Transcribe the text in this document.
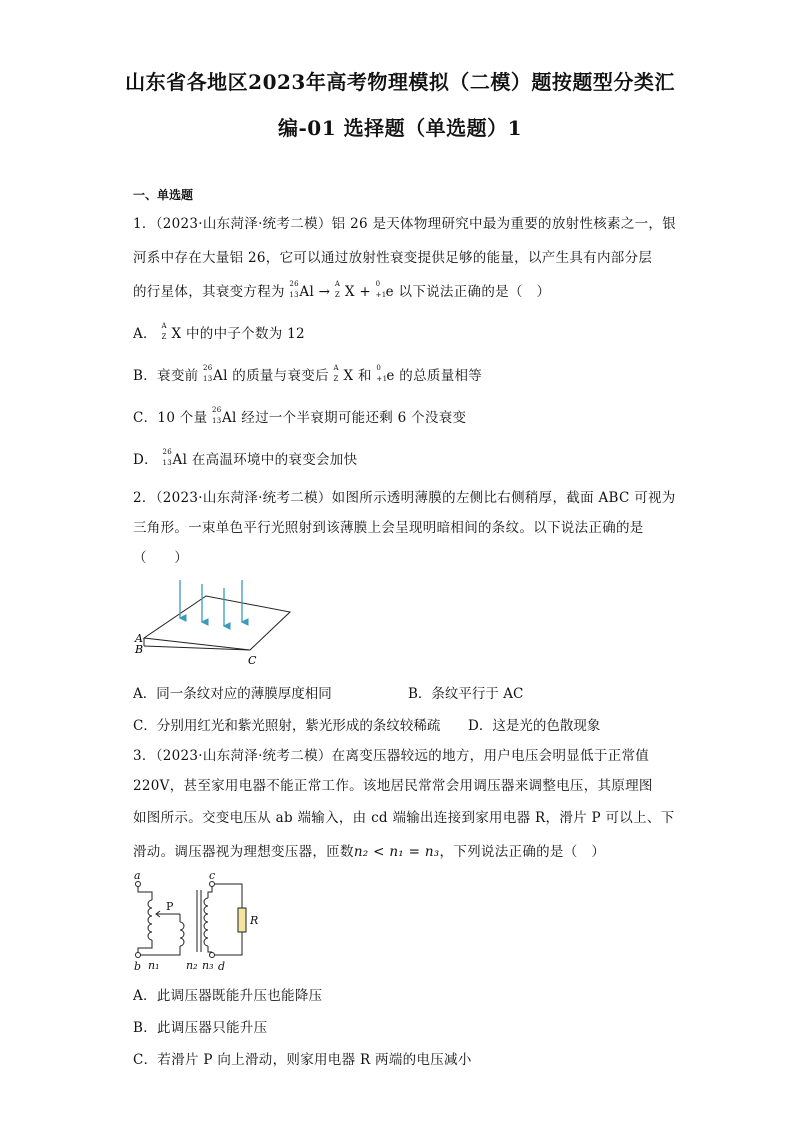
山东省各地区2023年高考物理模拟（二模）题按题型分类汇
编-01 选择题（单选题）1
一、单选题
1．（2023·山东菏泽·统考二模）铝 26 是天体物理研究中最为重要的放射性核素之一，银
河系中存在大量铝 26，它可以通过放射性衰变提供足够的能量，以产生具有内部分层
的行星体，其衰变方程为 26
13 Al → A
Z X + 0
+1 e 以下说法正确的是（　）
A． A
Z X 中的中子个数为 12
B．衰变前 26
13 Al 的质量与衰变后 A
Z X 和 0
+1 e 的总质量相等
C．10 个量 26
13 Al 经过一个半衰期可能还剩 6 个没衰变
D． 26
13 Al 在高温环境中的衰变会加快
2．（2023·山东菏泽·统考二模）如图所示透明薄膜的左侧比右侧稍厚，截面 ABC 可视为
三角形。一束单色平行光照射到该薄膜上会呈现明暗相间的条纹。以下说法正确的是
（　　）
A
B
C
A．同一条纹对应的薄膜厚度相同	B．条纹平行于 AC
C．分别用红光和紫光照射，紫光形成的条纹较稀疏 D．这是光的色散现象
3．（2023·山东菏泽·统考二模）在离变压器较远的地方，用户电压会明显低于正常值
220V，甚至家用电器不能正常工作。该地居民常常会用调压器来调整电压，其原理图
如图所示。交变电压从 ab 端输入，由 cd 端输出连接到家用电器 R，滑片 P 可以上、下
滑动。调压器视为理想变压器，匝数n₂ < n₁ = n₃，下列说法正确的是（　）
a
b
c
d
R
n₁ n₂ n₃
P
A．此调压器既能升压也能降压
B．此调压器只能升压
C．若滑片 P 向上滑动，则家用电器 R 两端的电压减小
